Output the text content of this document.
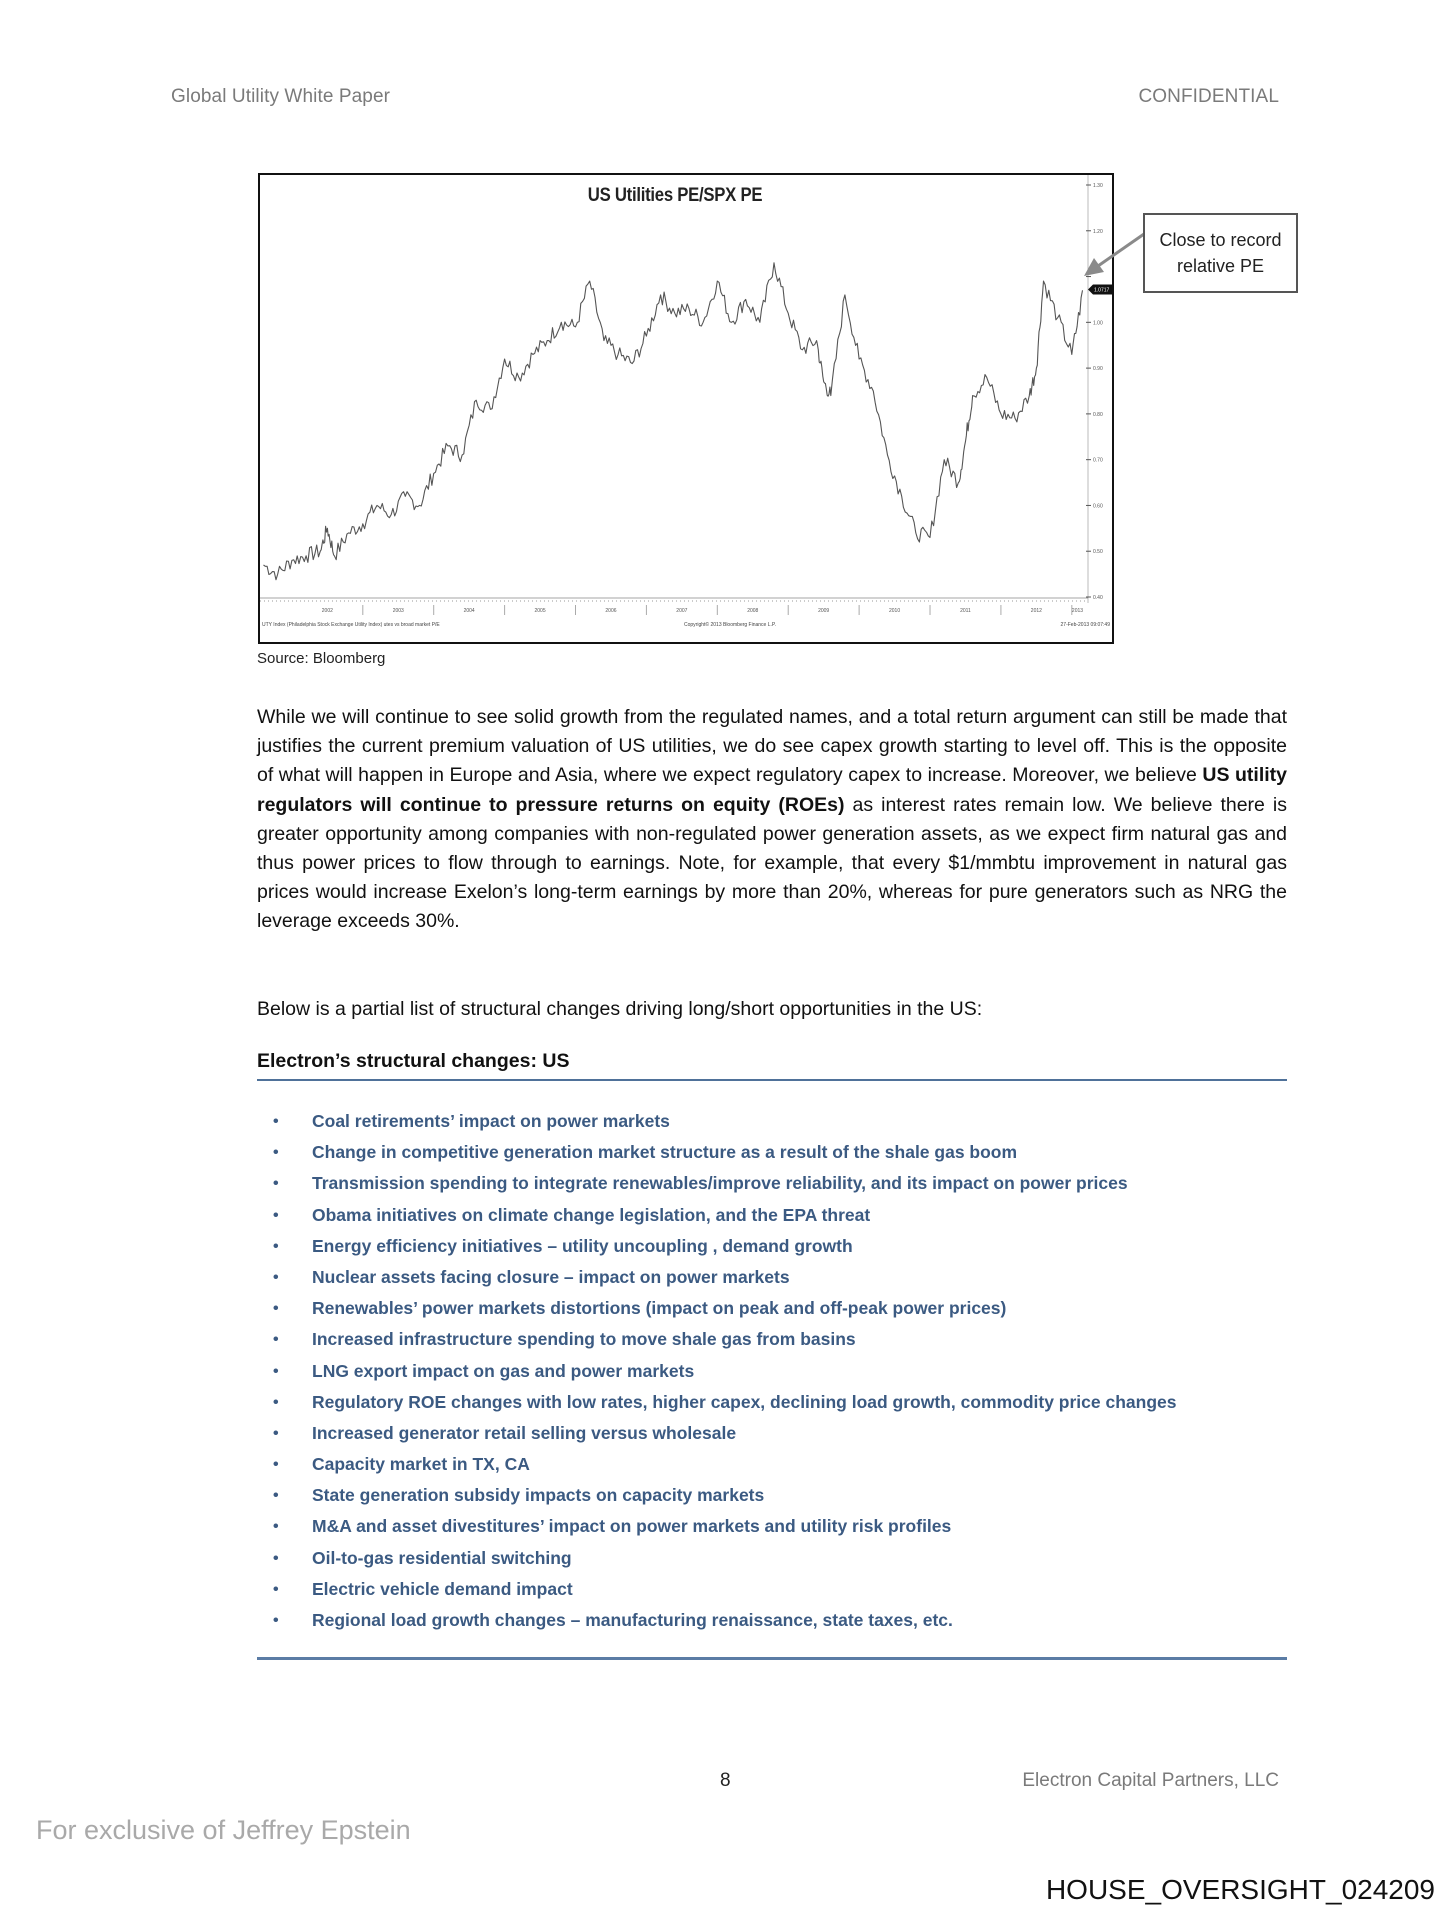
Global Utility White Paper	CONFIDENTIAL
1.30
1.20
1.00
0.90
0.80
0.70
0.60
0.50
0.40
2002	2003	2004	2005	2006	2007	2008	2009	2010	2011	2012	2013
UTY Index (Philadelphia Stock Exchange Utility Index) utes vs broad market P/E	Copyright© 2013 Bloomberg Finance L.P.	27-Feb-2013 09:07:49
1.0717
US Utilities PE/SPX PE
Close to record
relative PE
Source: Bloomberg
While we will continue to see solid growth from the regulated names, and a total return argument can still be made that justifies the current premium valuation of US utilities, we do see capex growth starting to level off. This is the opposite of what will happen in Europe and Asia, where we expect regulatory capex to increase. Moreover, we believe US utility regulators will continue to pressure returns on equity (ROEs) as interest rates remain low. We believe there is greater opportunity among companies with non-regulated power generation assets, as we expect firm natural gas and thus power prices to flow through to earnings. Note, for example, that every $1/mmbtu improvement in natural gas prices would increase Exelon’s long-term earnings by more than 20%, whereas for pure generators such as NRG the leverage exceeds 30%.
Below is a partial list of structural changes driving long/short opportunities in the US:
Electron’s structural changes: US
• Coal retirements’ impact on power markets
• Change in competitive generation market structure as a result of the shale gas boom
• Transmission spending to integrate renewables/improve reliability, and its impact on power prices
• Obama initiatives on climate change legislation, and the EPA threat
• Energy efficiency initiatives – utility uncoupling , demand growth
• Nuclear assets facing closure – impact on power markets
• Renewables’ power markets distortions (impact on peak and off-peak power prices)
• Increased infrastructure spending to move shale gas from basins
• LNG export impact on gas and power markets
• Regulatory ROE changes with low rates, higher capex, declining load growth, commodity price changes
• Increased generator retail selling versus wholesale
• Capacity market in TX, CA
• State generation subsidy impacts on capacity markets
• M&A and asset divestitures’ impact on power markets and utility risk profiles
• Oil-to-gas residential switching
• Electric vehicle demand impact
• Regional load growth changes – manufacturing renaissance, state taxes, etc.
8	Electron Capital Partners, LLC
For exclusive of Jeffrey Epstein
HOUSE_OVERSIGHT_024209
